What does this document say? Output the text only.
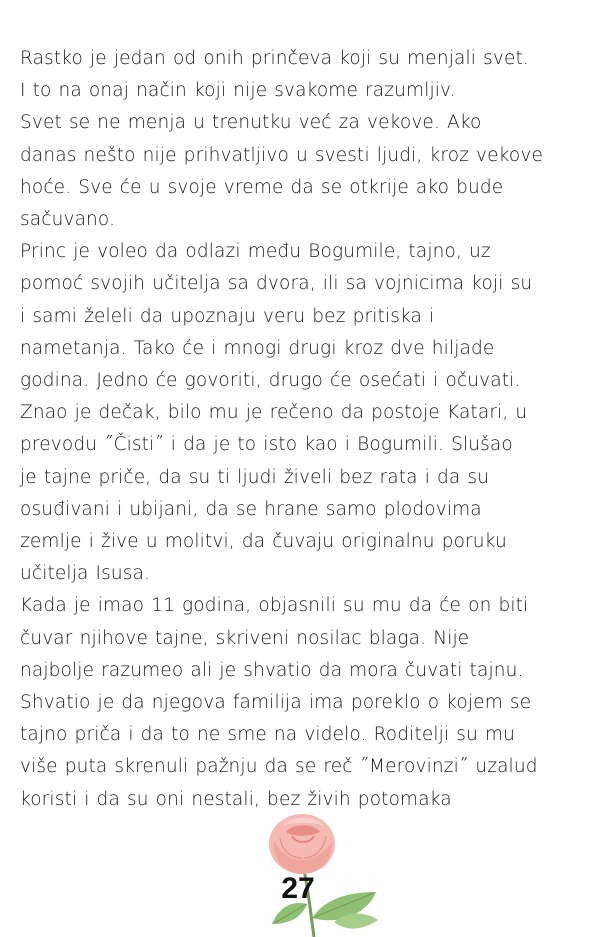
Rastko je jedan od onih prinčeva koji su menjali svet.
I to na onaj način koji nije svakome razumljiv.
Svet se ne menja u trenutku već za vekove. Ako
danas nešto nije prihvatljivo u svesti ljudi, kroz vekove
hoće. Sve će u svoje vreme da se otkrije ako bude
sačuvano.
Princ je voleo da odlazi među Bogumile, tajno, uz
pomoć svojih učitelja sa dvora, ili sa vojnicima koji su
i sami želeli da upoznaju veru bez pritiska i
nametanja. Tako će i mnogi drugi kroz dve hiljade
godina. Jedno će govoriti, drugo će osećati i očuvati.
Znao je dečak, bilo mu je rečeno da postoje Katari, u
prevodu ˝Čisti˝ i da je to isto kao i Bogumili. Slušao
je tajne priče, da su ti ljudi živeli bez rata i da su
osuđivani i ubijani, da se hrane samo plodovima
zemlje i žive u molitvi, da čuvaju originalnu poruku
učitelja Isusa.
Kada je imao 11 godina, objasnili su mu da će on biti
čuvar njihove tajne, skriveni nosilac blaga. Nije
najbolje razumeo ali je shvatio da mora čuvati tajnu.
Shvatio je da njegova familija ima poreklo o kojem se
tajno priča i da to ne sme na videlo. Roditelji su mu
više puta skrenuli pažnju da se reč ˝Merovinzi˝ uzalud
koristi i da su oni nestali, bez živih potomaka
27
